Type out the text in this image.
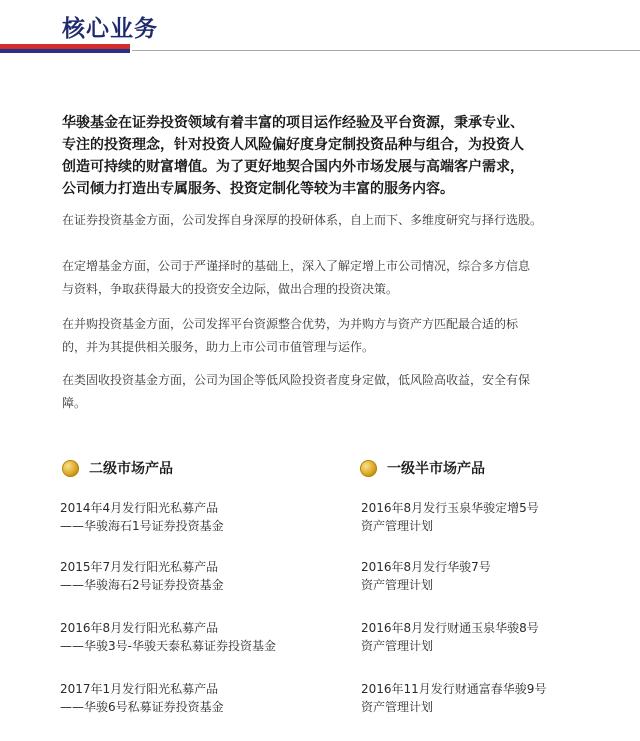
核心业务
华骏基金在证券投资领域有着丰富的项目运作经验及平台资源，秉承专业、
专注的投资理念，针对投资人风险偏好度身定制投资品种与组合，为投资人
创造可持续的财富增值。为了更好地契合国内外市场发展与高端客户需求，
公司倾力打造出专属服务、投资定制化等较为丰富的服务内容。
在证券投资基金方面，公司发挥自身深厚的投研体系，自上而下、多维度研究与择行选股。
在定增基金方面，公司于严谨择时的基础上，深入了解定增上市公司情况，综合多方信息
与资料，争取获得最大的投资安全边际，做出合理的投资决策。
在并购投资基金方面，公司发挥平台资源整合优势，为并购方与资产方匹配最合适的标
的，并为其提供相关服务，助力上市公司市值管理与运作。
在类固收投资基金方面，公司为国企等低风险投资者度身定做，低风险高收益，安全有保
障。
二级市场产品
2014年4月发行阳光私募产品
——华骏海石1号证券投资基金
2015年7月发行阳光私募产品
——华骏海石2号证券投资基金
2016年8月发行阳光私募产品
——华骏3号-华骏天泰私募证券投资基金
2017年1月发行阳光私募产品
——华骏6号私募证券投资基金
一级半市场产品
2016年8月发行玉泉华骏定增5号
资产管理计划
2016年8月发行华骏7号
资产管理计划
2016年8月发行财通玉泉华骏8号
资产管理计划
2016年11月发行财通富春华骏9号
资产管理计划
